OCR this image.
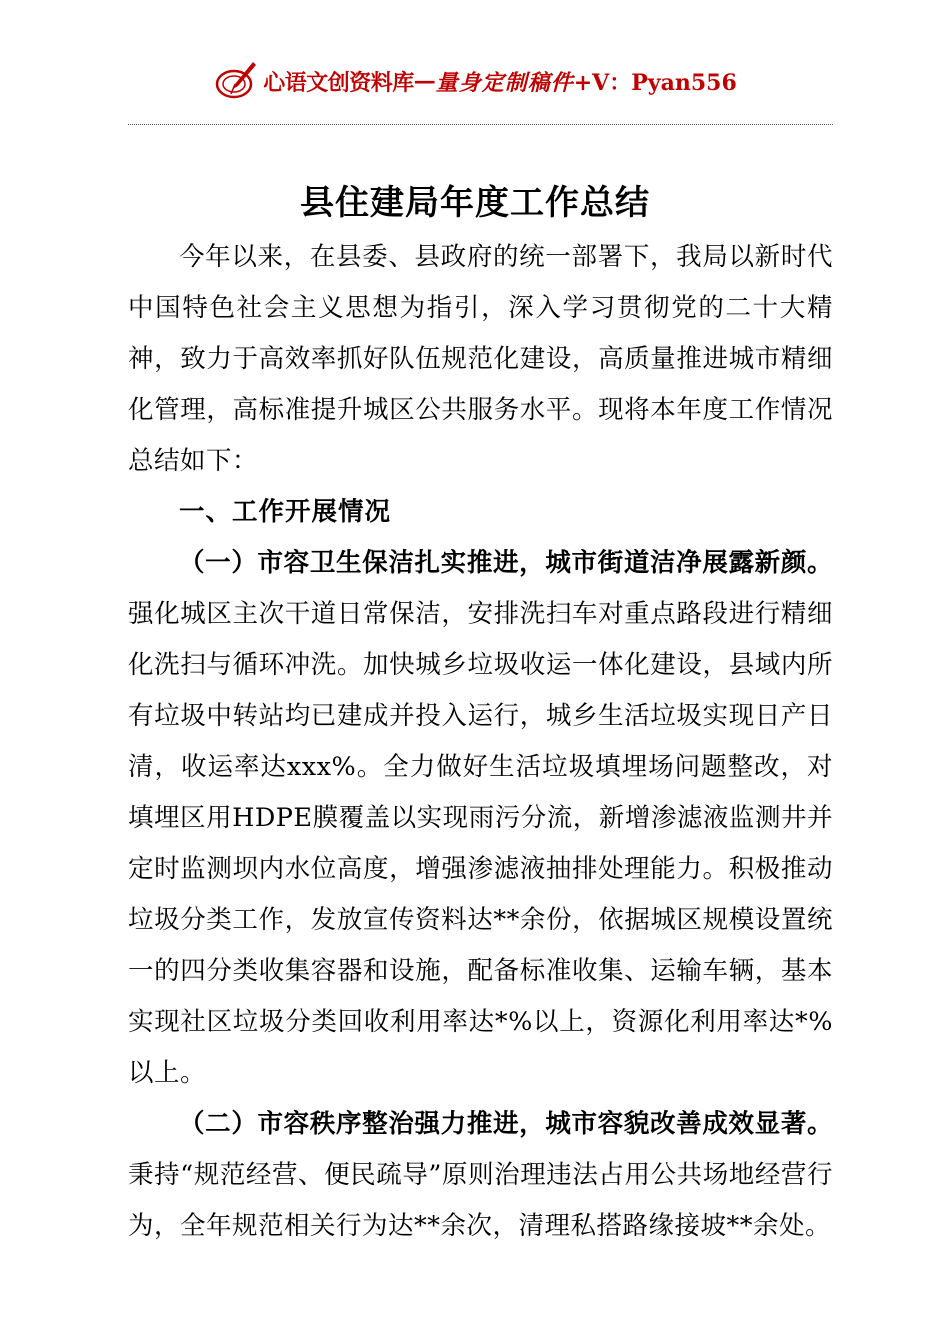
心语文创资料库 — 量身定制稿件 +V：Pyan556
县住建局年度工作总结

今年以来，在县委、县政府的统一部署下，我局以新时代中国特色社会主义思想为指引，深入学习贯彻党的二十大精神，致力于高效率抓好队伍规范化建设，高质量推进城市精细化管理，高标准提升城区公共服务水平。现将本年度工作情况总结如下：

一、工作开展情况

（一）市容卫生保洁扎实推进，城市街道洁净展露新颜。强化城区主次干道日常保洁，安排洗扫车对重点路段进行精细化洗扫与循环冲洗。加快城乡垃圾收运一体化建设，县域内所有垃圾中转站均已建成并投入运行，城乡生活垃圾实现日产日清，收运率达xxx%。全力做好生活垃圾填埋场问题整改，对填埋区用HDPE膜覆盖以实现雨污分流，新增渗滤液监测井并定时监测坝内水位高度，增强渗滤液抽排处理能力。积极推动垃圾分类工作，发放宣传资料达**余份，依据城区规模设置统一的四分类收集容器和设施，配备标准收集、运输车辆，基本实现社区垃圾分类回收利用率达*%以上，资源化利用率达*%以上。

（二）市容秩序整治强力推进，城市容貌改善成效显著。秉持“规范经营、便民疏导”原则治理违法占用公共场地经营行为，全年规范相关行为达**余次，清理私搭路缘接坡**余处。
